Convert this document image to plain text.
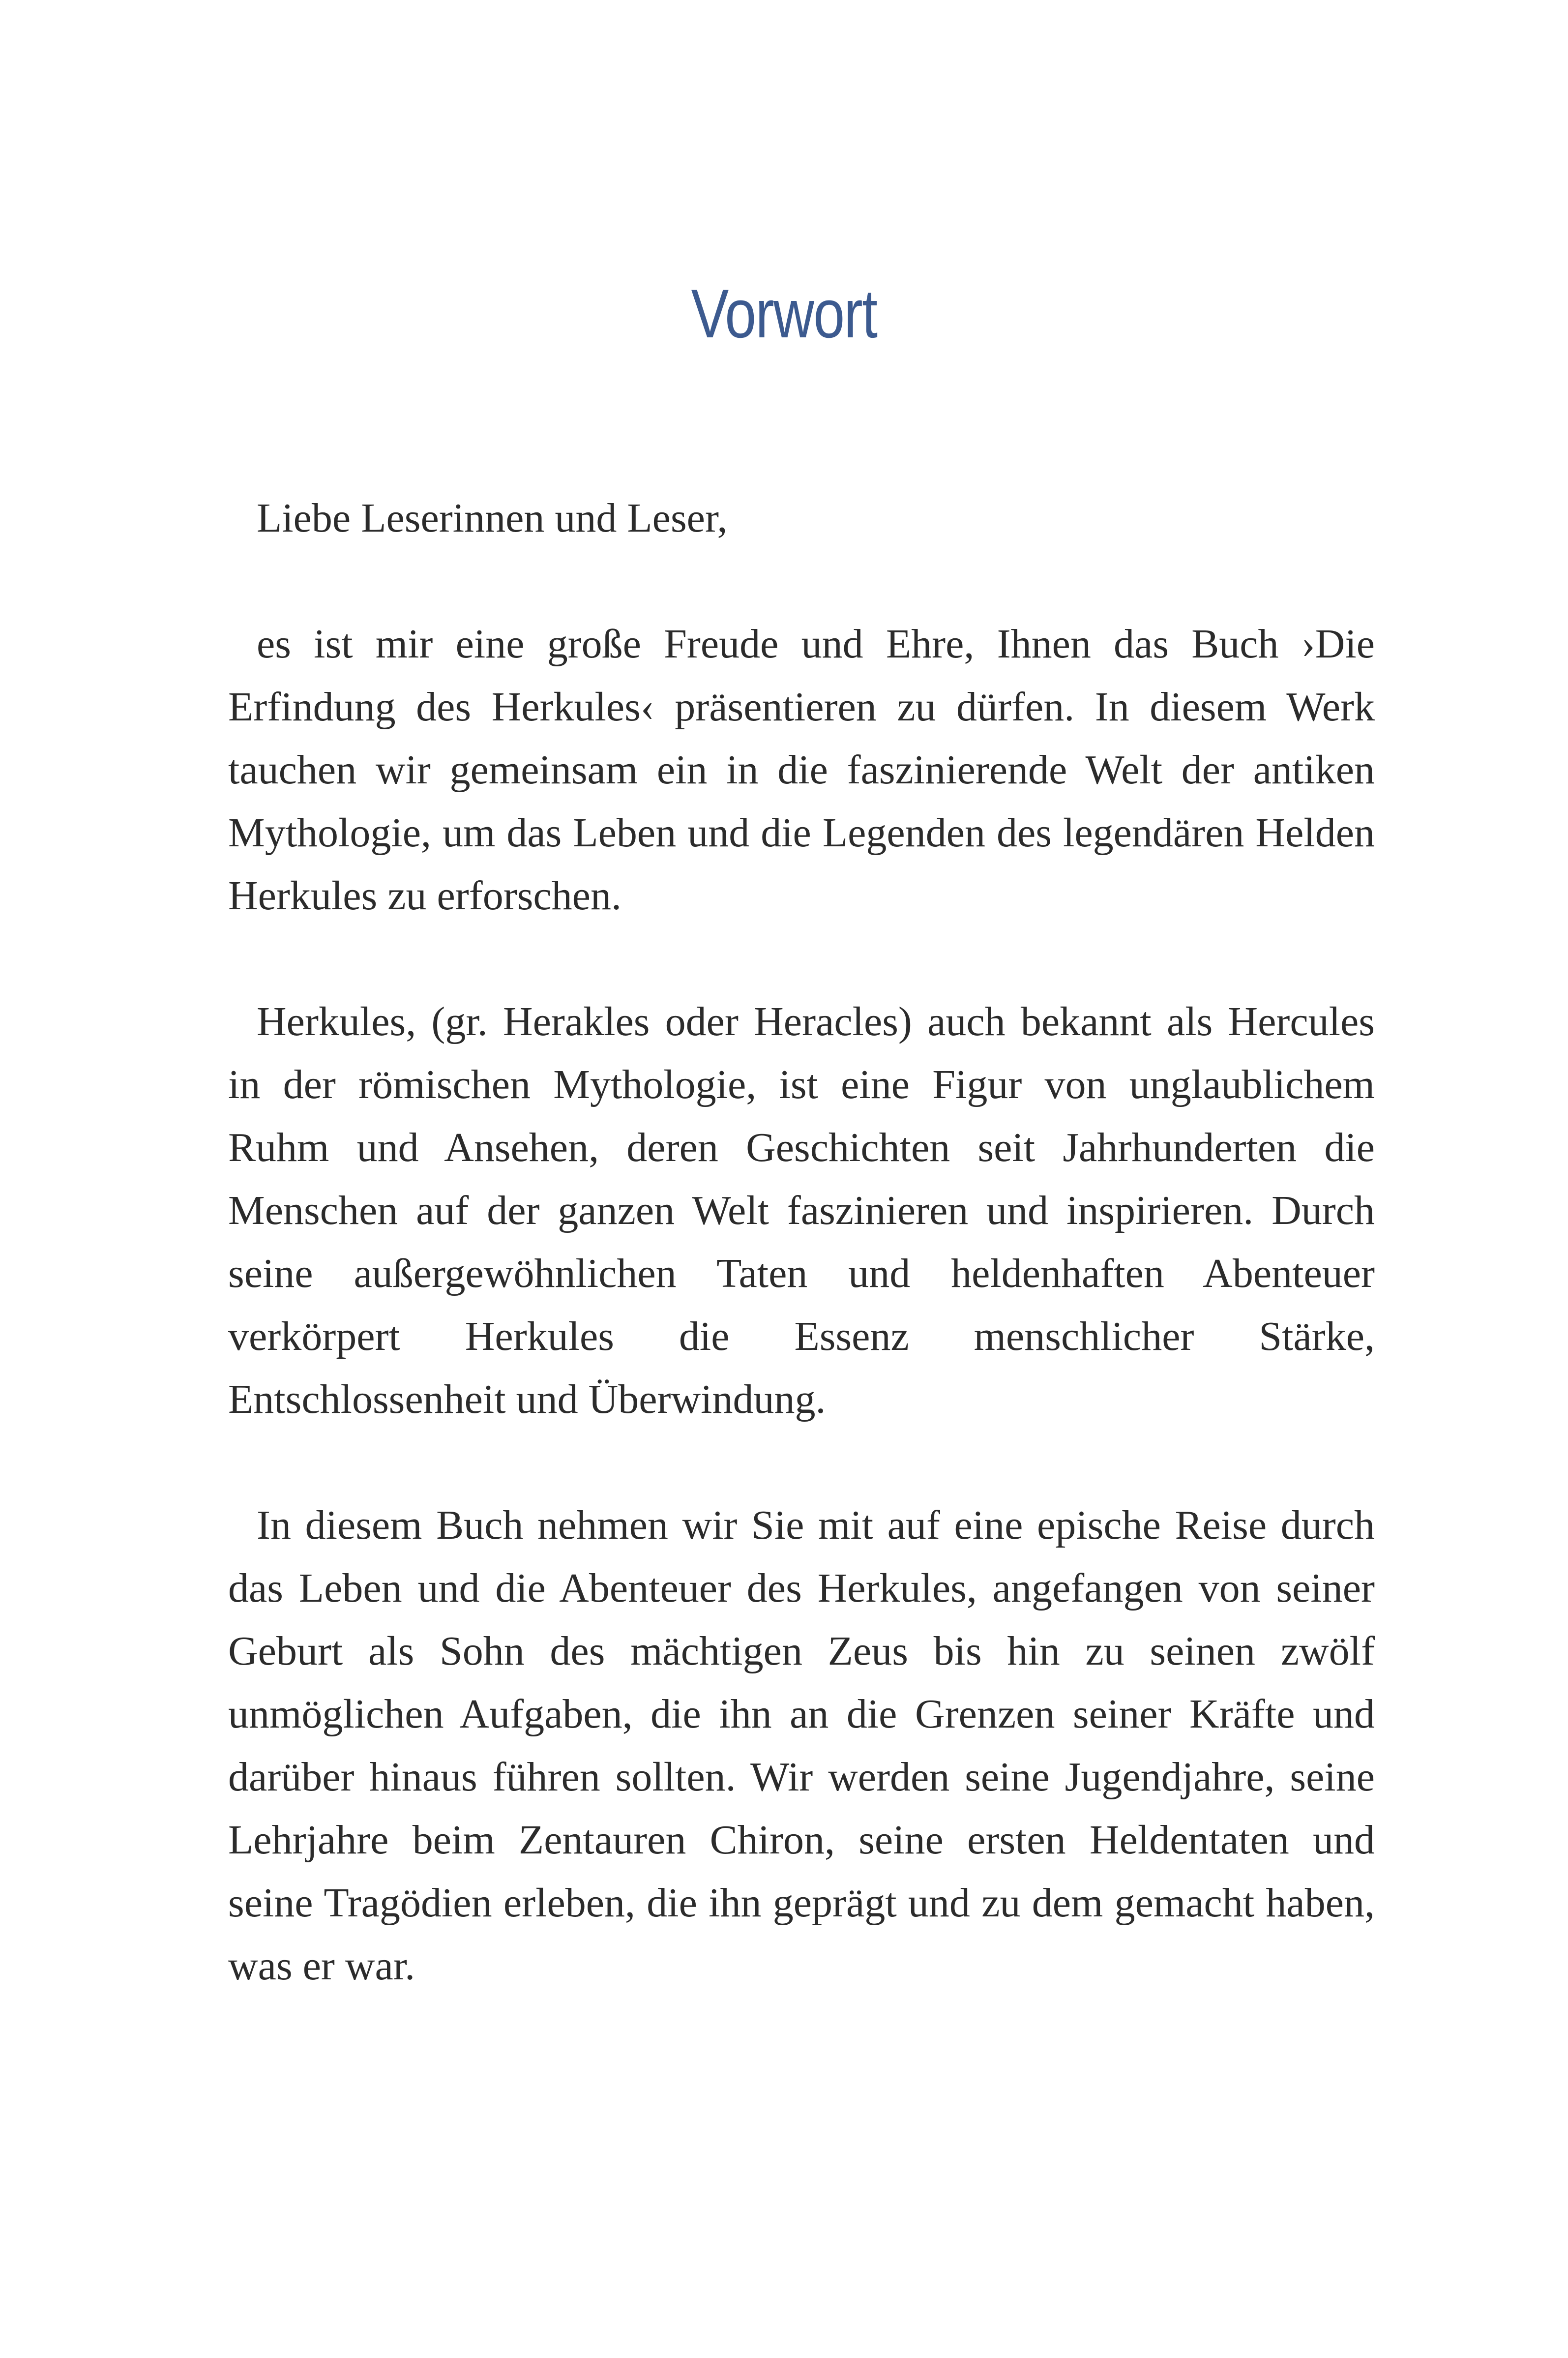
Vorwort

Liebe Leserinnen und Leser,

es ist mir eine große Freude und Ehre, Ihnen das Buch ›Die Erfindung des Herkules‹ präsentieren zu dürfen. In diesem Werk tauchen wir gemeinsam ein in die faszinierende Welt der antiken Mythologie, um das Leben und die Legenden des legendären Helden Herkules zu erforschen.

Herkules, (gr. Herakles oder Heracles) auch bekannt als Hercules in der römischen Mythologie, ist eine Figur von unglaublichem Ruhm und Ansehen, deren Geschichten seit Jahrhunderten die Menschen auf der ganzen Welt faszinieren und inspirieren. Durch seine außergewöhnlichen Taten und heldenhaften Abenteuer verkörpert Herkules die Essenz menschlicher Stärke, Entschlossenheit und Überwindung.

In diesem Buch nehmen wir Sie mit auf eine epische Reise durch das Leben und die Abenteuer des Herkules, angefangen von seiner Geburt als Sohn des mächtigen Zeus bis hin zu seinen zwölf unmöglichen Aufgaben, die ihn an die Grenzen seiner Kräfte und darüber hinaus führen sollten. Wir werden seine Jugendjahre, seine Lehrjahre beim Zentauren Chiron, seine ersten Heldentaten und seine Tragödien erleben, die ihn geprägt und zu dem gemacht haben, was er war.
